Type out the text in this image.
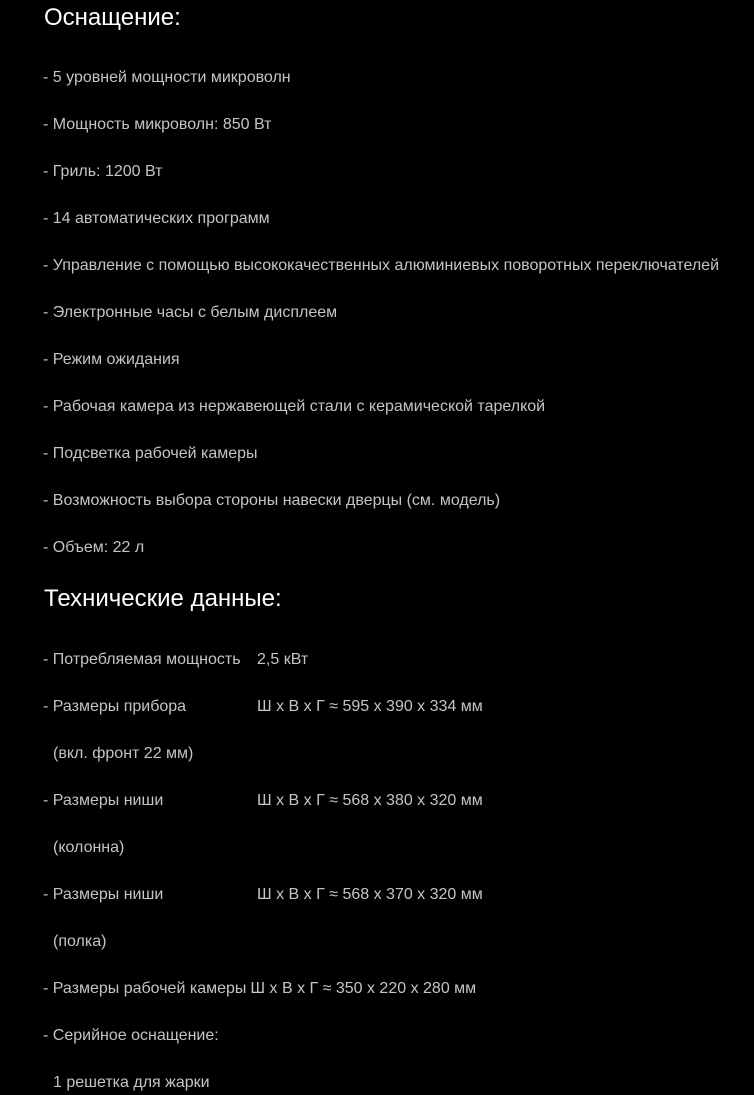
Оснащение:

- 5 уровней мощности микроволн

- Мощность микроволн: 850 Вт

- Гриль: 1200 Вт

- 14 автоматических программ

- Управление с помощью высококачественных алюминиевых поворотных переключателей

- Электронные часы с белым дисплеем

- Режим ожидания

- Рабочая камера из нержавеющей стали с керамической тарелкой

- Подсветка рабочей камеры

- Возможность выбора стороны навески дверцы (см. модель)

- Объем: 22 л

Технические данные:

- Потребляемая мощность 2,5 кВт

- Размеры прибора	Ш х В х Г ≈ 595 х 390 х 334 мм

(вкл. фронт 22 мм)

- Размеры ниши	Ш х В х Г ≈ 568 х 380 х 320 мм

(колонна)

- Размеры ниши	Ш х В х Г ≈ 568 х 370 х 320 мм

(полка)

- Размеры рабочей камеры Ш х В х Г ≈ 350 х 220 х 280 мм

- Серийное оснащение:

1 решетка для жарки
